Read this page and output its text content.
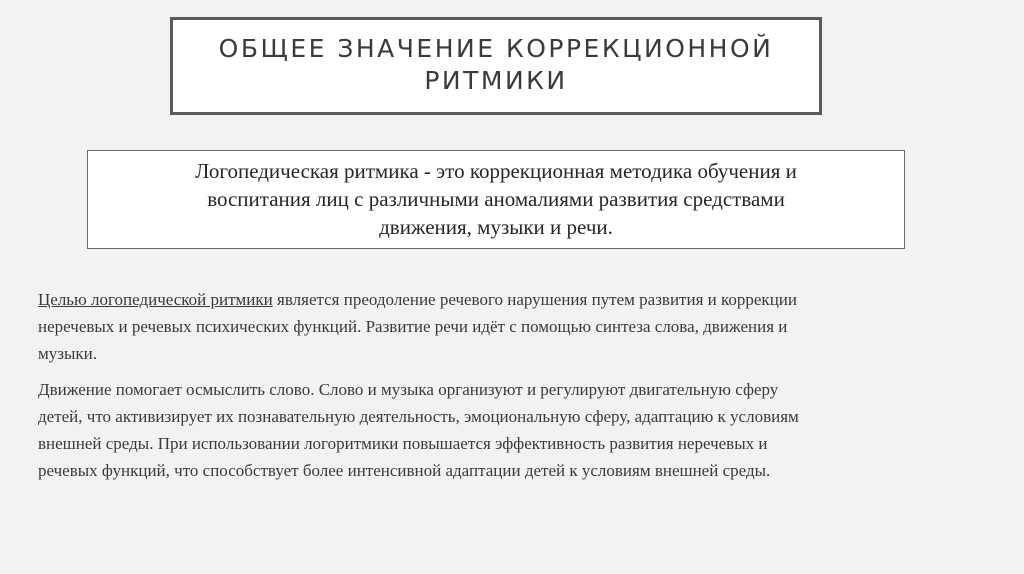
ОБЩЕЕ ЗНАЧЕНИЕ КОРРЕКЦИОННОЙ
РИТМИКИ
Логопедическая ритмика - это коррекционная методика обучения и
воспитания лиц с различными аномалиями развития средствами
движения, музыки и речи.

Целью логопедической ритмики является преодоление речевого нарушения путем развития и коррекции
неречевых и речевых психических функций. Развитие речи идёт с помощью синтеза слова, движения и
музыки.

Движение помогает осмыслить слово. Слово и музыка организуют и регулируют двигательную сферу
детей, что активизирует их познавательную деятельность, эмоциональную сферу, адаптацию к условиям
внешней среды. При использовании логоритмики повышается эффективность развития неречевых и
речевых функций, что способствует более интенсивной адаптации детей к условиям внешней среды.
